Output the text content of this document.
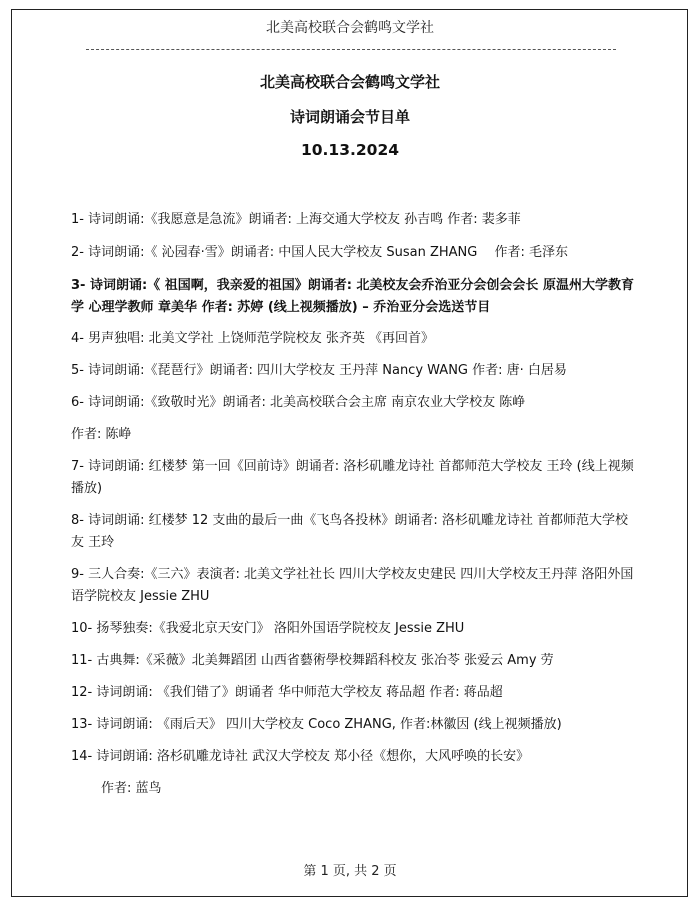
北美高校联合会鹤鸣文学社
北美高校联合会鹤鸣文学社
诗词朗诵会节目单
10.13.2024

1- 诗词朗诵:《我愿意是急流》朗诵者: 上海交通大学校友 孙吉鸣 作者: 裴多菲

2- 诗词朗诵:《 沁园春·雪》朗诵者: 中国人民大学校友 Susan ZHANG　 作者: 毛泽东

3- 诗词朗诵:《 祖国啊，我亲爱的祖国》朗诵者: 北美校友会乔治亚分会创会会长 原温州大学教育学 心理学教师 章美华 作者: 苏婷 (线上视频播放) – 乔治亚分会选送节目

4- 男声独唱: 北美文学社 上饶师范学院校友 张齐英 《再回首》

5- 诗词朗诵:《琵琶行》朗诵者: 四川大学校友 王丹萍 Nancy WANG 作者: 唐· 白居易

6- 诗词朗诵:《致敬时光》朗诵者: 北美高校联合会主席 南京农业大学校友 陈峥

作者: 陈峥

7- 诗词朗诵: 红楼梦 第一回《回前诗》朗诵者: 洛杉矶雕龙诗社 首都师范大学校友 王玲 (线上视频播放)

8- 诗词朗诵: 红楼梦 12 支曲的最后一曲《飞鸟各投林》朗诵者: 洛杉矶雕龙诗社 首都师范大学校友 王玲

9- 三人合奏:《三六》表演者: 北美文学社社长 四川大学校友史建民 四川大学校友王丹萍 洛阳外国语学院校友 Jessie ZHU

10- 扬琴独奏:《我爱北京天安门》 洛阳外国语学院校友 Jessie ZHU

11- 古典舞:《采薇》北美舞蹈团 山西省藝術學校舞蹈科校友 张冶苓 张爱云 Amy 劳

12- 诗词朗诵: 《我们错了》朗诵者 华中师范大学校友 蒋品超 作者: 蒋品超

13- 诗词朗诵: 《雨后天》 四川大学校友 Coco ZHANG, 作者:林徽因 (线上视频播放)

14- 诗词朗诵: 洛杉矶雕龙诗社 武汉大学校友 郑小径《想你，大风呼唤的长安》

作者: 蓝鸟

第 1 页, 共 2 页
